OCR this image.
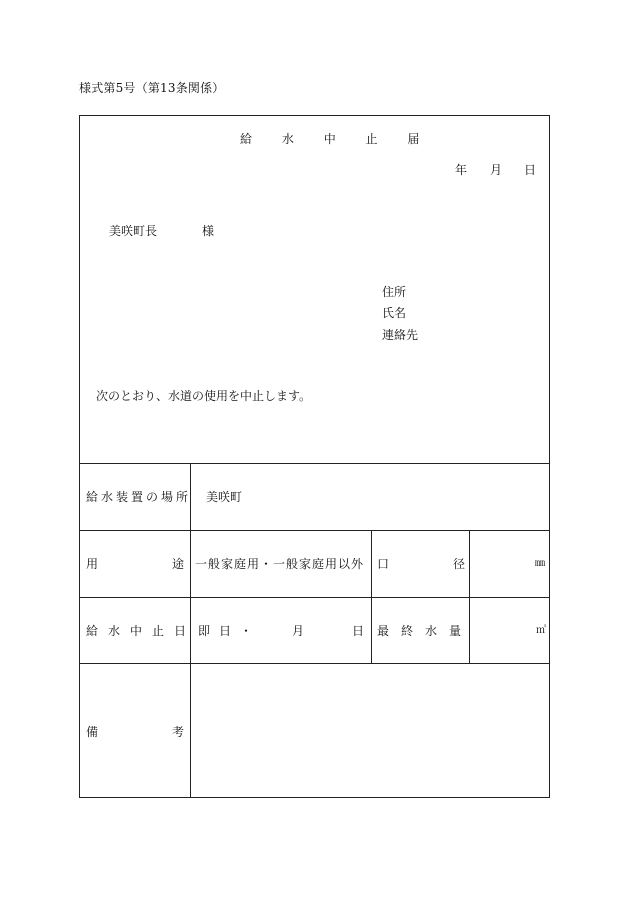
様式第5号（第13条関係）
給 水 中 止 届
年 月 日
美咲町長	様
住所
氏名
連絡先
次のとおり、水道の使用を中止します。
給水装置の場所 美咲町
用	途 一般家庭用・一般家庭用以外 口	径	㎜
給水中止日 即日・	月	日 最終水量	㎥
備	考
